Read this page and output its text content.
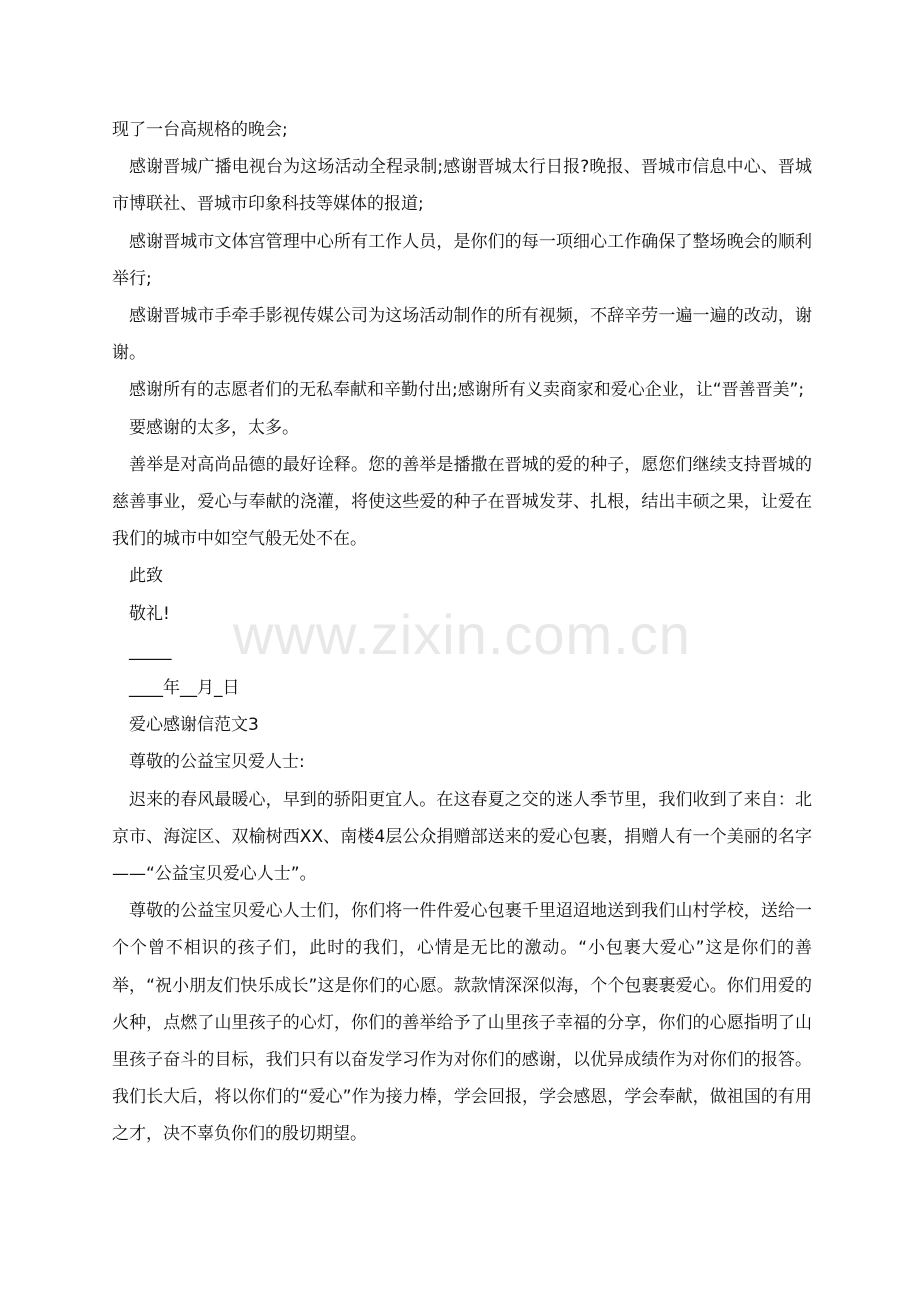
现了一台高规格的晚会;

感谢晋城广播电视台为这场活动全程录制;感谢晋城太行日报?晚报、晋城市信息中心、晋城市博联社、晋城市印象科技等媒体的报道;

感谢晋城市文体宫管理中心所有工作人员，是你们的每一项细心工作确保了整场晚会的顺利举行;

感谢晋城市手牵手影视传媒公司为这场活动制作的所有视频，不辞辛劳一遍一遍的改动，谢谢。

感谢所有的志愿者们的无私奉献和辛勤付出;感谢所有义卖商家和爱心企业，让“晋善晋美”;

要感谢的太多，太多。

善举是对高尚品德的最好诠释。您的善举是播撒在晋城的爱的种子，愿您们继续支持晋城的慈善事业，爱心与奉献的浇灌，将使这些爱的种子在晋城发芽、扎根，结出丰硕之果，让爱在我们的城市中如空气般无处不在。

此致

敬礼!

_____

____年__月_日

爱心感谢信范文3

尊敬的公益宝贝爱人士:

迟来的春风最暖心，早到的骄阳更宜人。在这春夏之交的迷人季节里，我们收到了来自：北京市、海淀区、双榆树西XX、南楼4层公众捐赠部送来的爱心包裹，捐赠人有一个美丽的名字——“公益宝贝爱心人士”。

尊敬的公益宝贝爱心人士们，你们将一件件爱心包裹千里迢迢地送到我们山村学校，送给一个个曾不相识的孩子们，此时的我们，心情是无比的激动。“小包裹大爱心”这是你们的善举，“祝小朋友们快乐成长”这是你们的心愿。款款情深深似海，个个包裹裹爱心。你们用爱的火种，点燃了山里孩子的心灯，你们的善举给予了山里孩子幸福的分享，你们的心愿指明了山里孩子奋斗的目标，我们只有以奋发学习作为对你们的感谢，以优异成绩作为对你们的报答。我们长大后，将以你们的“爱心”作为接力棒，学会回报，学会感恩，学会奉献，做祖国的有用之才，决不辜负你们的殷切期望。

www.zixin.com.cn
